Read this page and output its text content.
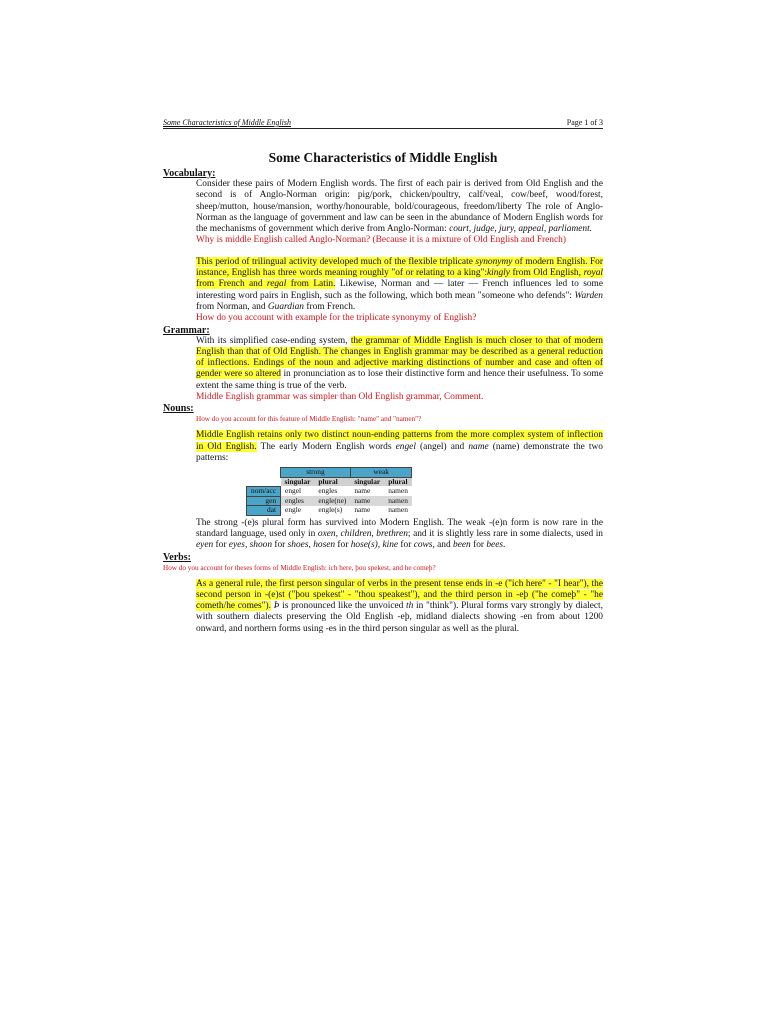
Some Characteristics of Middle English	Page 1 of 3
Some Characteristics of Middle English
Vocabulary:
Consider these pairs of Modern English words. The first of each pair is derived from Old English and the second is of Anglo-Norman origin: pig/pork, chicken/poultry, calf/veal, cow/beef, wood/forest, sheep/mutton, house/mansion, worthy/honourable, bold/courageous, freedom/liberty The role of Anglo-Norman as the language of government and law can be seen in the abundance of Modern English words for the mechanisms of government which derive from Anglo-Norman: court, judge, jury, appeal, parliament.
Why is middle English called Anglo-Norman? (Because it is a mixture of Old English and French)
This period of trilingual activity developed much of the flexible triplicate synonymy of modern English. For instance, English has three words meaning roughly "of or relating to a king":kingly from Old English, royal from French and regal from Latin. Likewise, Norman and — later — French influences led to some interesting word pairs in English, such as the following, which both mean "someone who defends": Warden from Norman, and Guardian from French.
How do you account with example for the triplicate synonymy of English?
Grammar:
With its simplified case-ending system, the grammar of Middle English is much closer to that of modern English than that of Old English. The changes in English grammar may be described as a general reduction of inflections. Endings of the noun and adjective marking distinctions of number and case and often of gender were so altered in pronunciation as to lose their distinctive form and hence their usefulness. To some extent the same thing is true of the verb.
Middle English grammar was simpler than Old English grammar, Comment.
Nouns:
How do you account for this feature of Middle English: "name" and "namen"?
Middle English retains only two distinct noun-ending patterns from the more complex system of inflection in Old English. The early Modern English words engel (angel) and name (name) demonstrate the two patterns:
	strong		weak	
	singular	plural	singular	plural
nom/acc	engel	engles	name	namen
gen	engles	engle(ne)	name	namen
dat	engle	engle(s)	name	namen
The strong -(e)s plural form has survived into Modern English. The weak -(e)n form is now rare in the standard language, used only in oxen, children, brethren; and it is slightly less rare in some dialects, used in eyen for eyes, shoon for shoes, hosen for hose(s), kine for cows, and been for bees.
Verbs:
How do you account for theses forms of Middle English: ich here, þou spekest, and he comeþ?
As a general rule, the first person singular of verbs in the present tense ends in -e ("ich here" - "I hear"), the second person in -(e)st ("þou spekest" - "thou speakest"), and the third person in -eþ ("he comeþ" - "he cometh/he comes"). Þ is pronounced like the unvoiced th in "think"). Plural forms vary strongly by dialect, with southern dialects preserving the Old English -eþ, midland dialects showing -en from about 1200 onward, and northern forms using -es in the third person singular as well as the plural.
